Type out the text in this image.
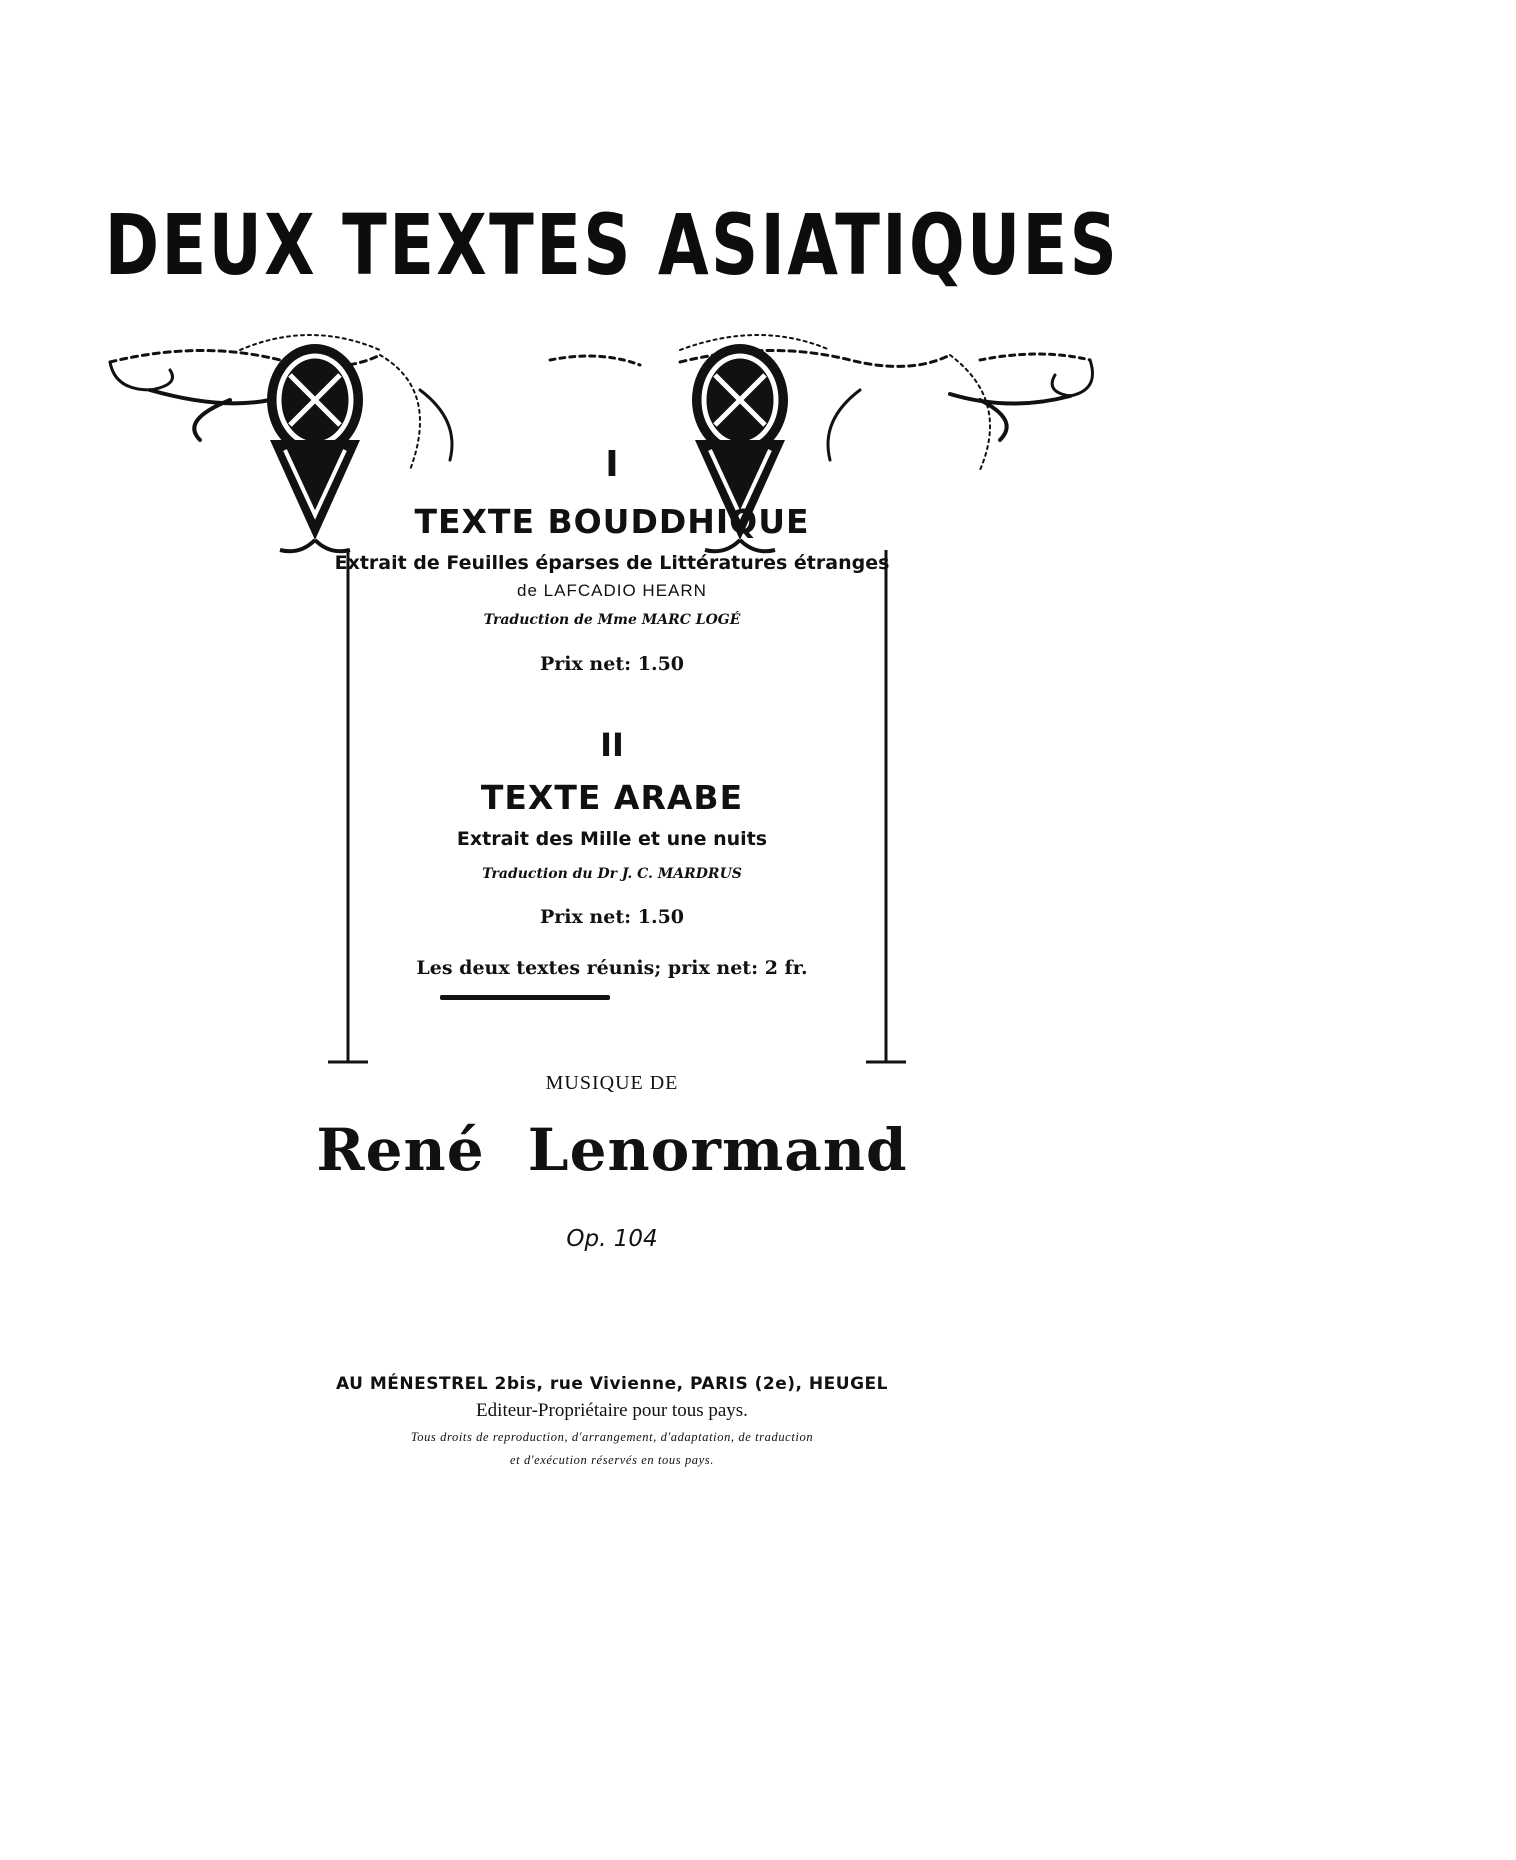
DEUX TEXTES ASIATIQUES
I
TEXTE BOUDDHIQUE
Extrait de Feuilles éparses de Littératures étranges
de LAFCADIO HEARN
Traduction de Mme MARC LOGÉ
Prix net: 1.50
II
TEXTE ARABE
Extrait des Mille et une nuits
Traduction du Dr J. C. MARDRUS
Prix net: 1.50
Les deux textes réunis; prix net: 2 fr.
MUSIQUE DE
René Lenormand
Op. 104
AU MÉNESTREL 2bis, rue Vivienne, PARIS (2e), HEUGEL
Editeur-Propriétaire pour tous pays.
Tous droits de reproduction, d'arrangement, d'adaptation, de traduction
et d'exécution réservés en tous pays.
